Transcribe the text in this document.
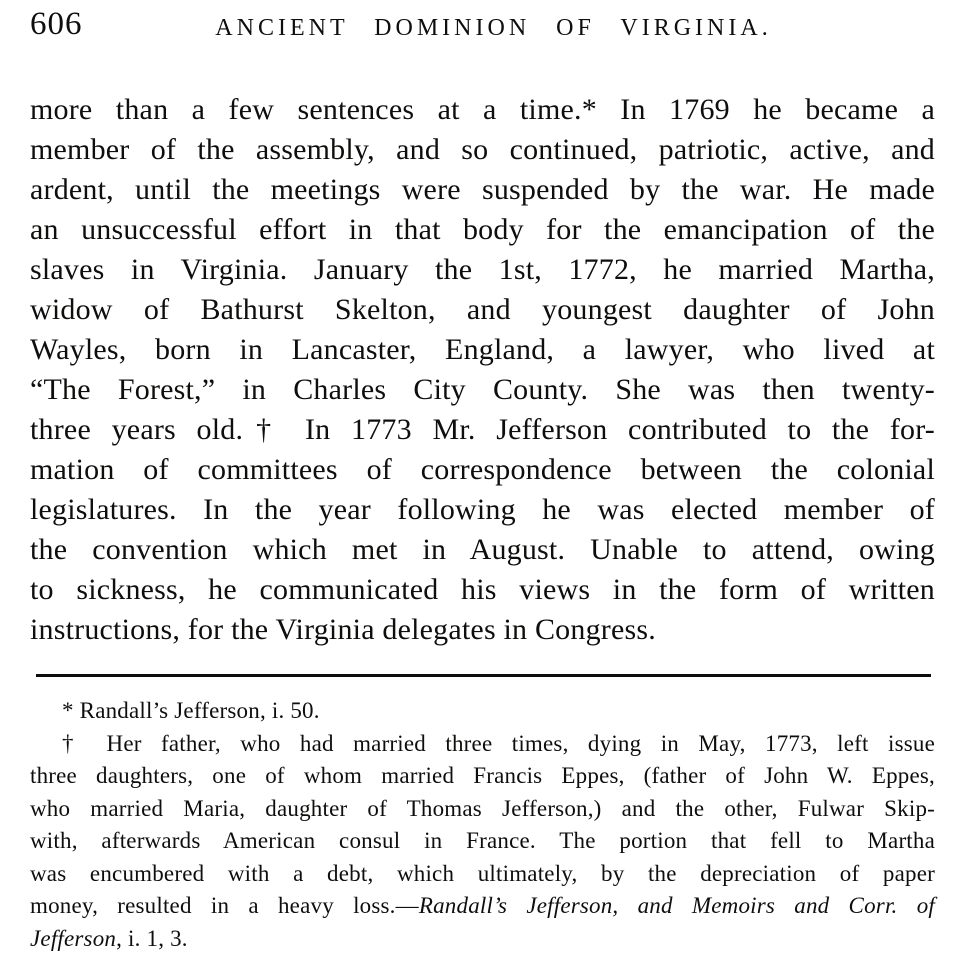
606	ANCIENT DOMINION OF VIRGINIA.
more than a few sentences at a time.* In 1769 he became a
member of the assembly, and so continued, patriotic, active, and
ardent, until the meetings were suspended by the war. He made
an unsuccessful effort in that body for the emancipation of the
slaves in Virginia. January the 1st, 1772, he married Martha,
widow of Bathurst Skelton, and youngest daughter of John
Wayles, born in Lancaster, England, a lawyer, who lived at
“The Forest,” in Charles City County. She was then twenty-
three years old.† In 1773 Mr. Jefferson contributed to the for-
mation of committees of correspondence between the colonial
legislatures. In the year following he was elected member of
the convention which met in August. Unable to attend, owing
to sickness, he communicated his views in the form of written
instructions, for the Virginia delegates in Congress.
* Randall’s Jefferson, i. 50.
† Her father, who had married three times, dying in May, 1773, left issue
three daughters, one of whom married Francis Eppes, (father of John W. Eppes,
who married Maria, daughter of Thomas Jefferson,) and the other, Fulwar Skip-
with, afterwards American consul in France. The portion that fell to Martha
was encumbered with a debt, which ultimately, by the depreciation of paper
money, resulted in a heavy loss.—Randall’s Jefferson, and Memoirs and Corr. of
Jefferson, i. 1, 3.
